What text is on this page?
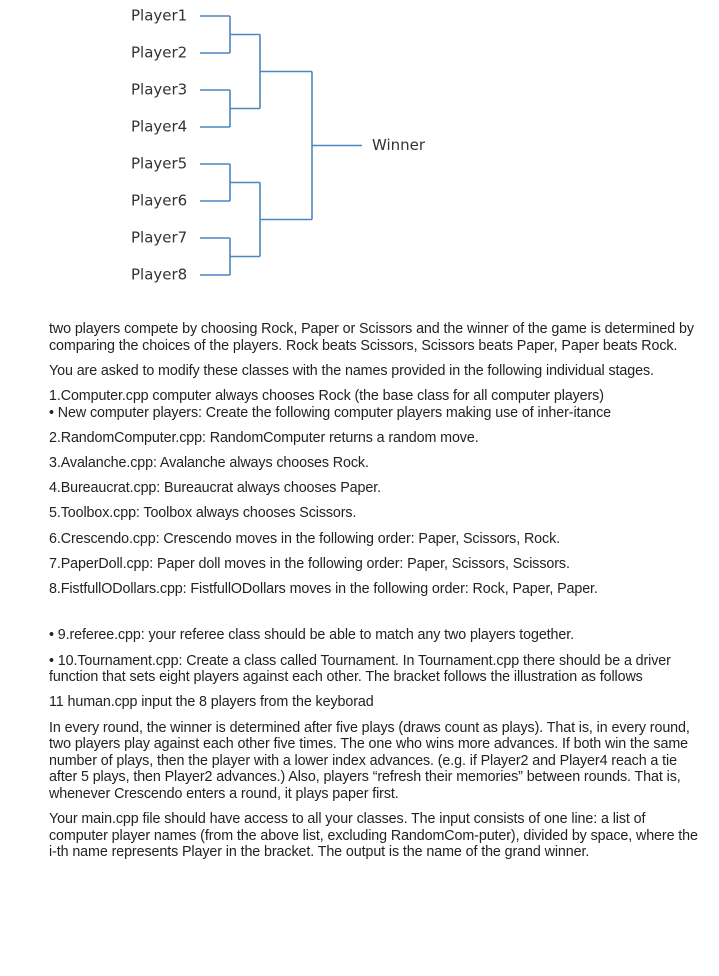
Player1
Player2
Player3
Player4
Player5
Player6
Player7
Player8
Winner

two players compete by choosing Rock, Paper or Scissors and the winner of the game is determined by comparing the choices of the players. Rock beats Scissors, Scissors beats Paper, Paper beats Rock.

You are asked to modify these classes with the names provided in the following individual stages.

1.Computer.cpp computer always chooses Rock (the base class for all computer players)

• New computer players: Create the following computer players making use of inher-itance

2.RandomComputer.cpp: RandomComputer returns a random move.

3.Avalanche.cpp: Avalanche always chooses Rock.

4.Bureaucrat.cpp: Bureaucrat always chooses Paper.

5.Toolbox.cpp: Toolbox always chooses Scissors.

6.Crescendo.cpp: Crescendo moves in the following order: Paper, Scissors, Rock.

7.PaperDoll.cpp: Paper doll moves in the following order: Paper, Scissors, Scissors.

8.FistfullODollars.cpp: FistfullODollars moves in the following order: Rock, Paper, Paper.

• 9.referee.cpp: your referee class should be able to match any two players together.

• 10.Tournament.cpp: Create a class called Tournament. In Tournament.cpp there should be a driver function that sets eight players against each other. The bracket follows the illustration as follows

11 human.cpp input the 8 players from the keyborad

In every round, the winner is determined after five plays (draws count as plays). That is, in every round, two players play against each other five times. The one who wins more advances. If both win the same number of plays, then the player with a lower index advances. (e.g. if Player2 and Player4 reach a tie after 5 plays, then Player2 advances.) Also, players “refresh their memories” between rounds. That is, whenever Crescendo enters a round, it plays paper first.

Your main.cpp file should have access to all your classes. The input consists of one line: a list of computer player names (from the above list, excluding RandomCom-puter), divided by space, where the i-th name represents Player in the bracket. The output is the name of the grand winner.
